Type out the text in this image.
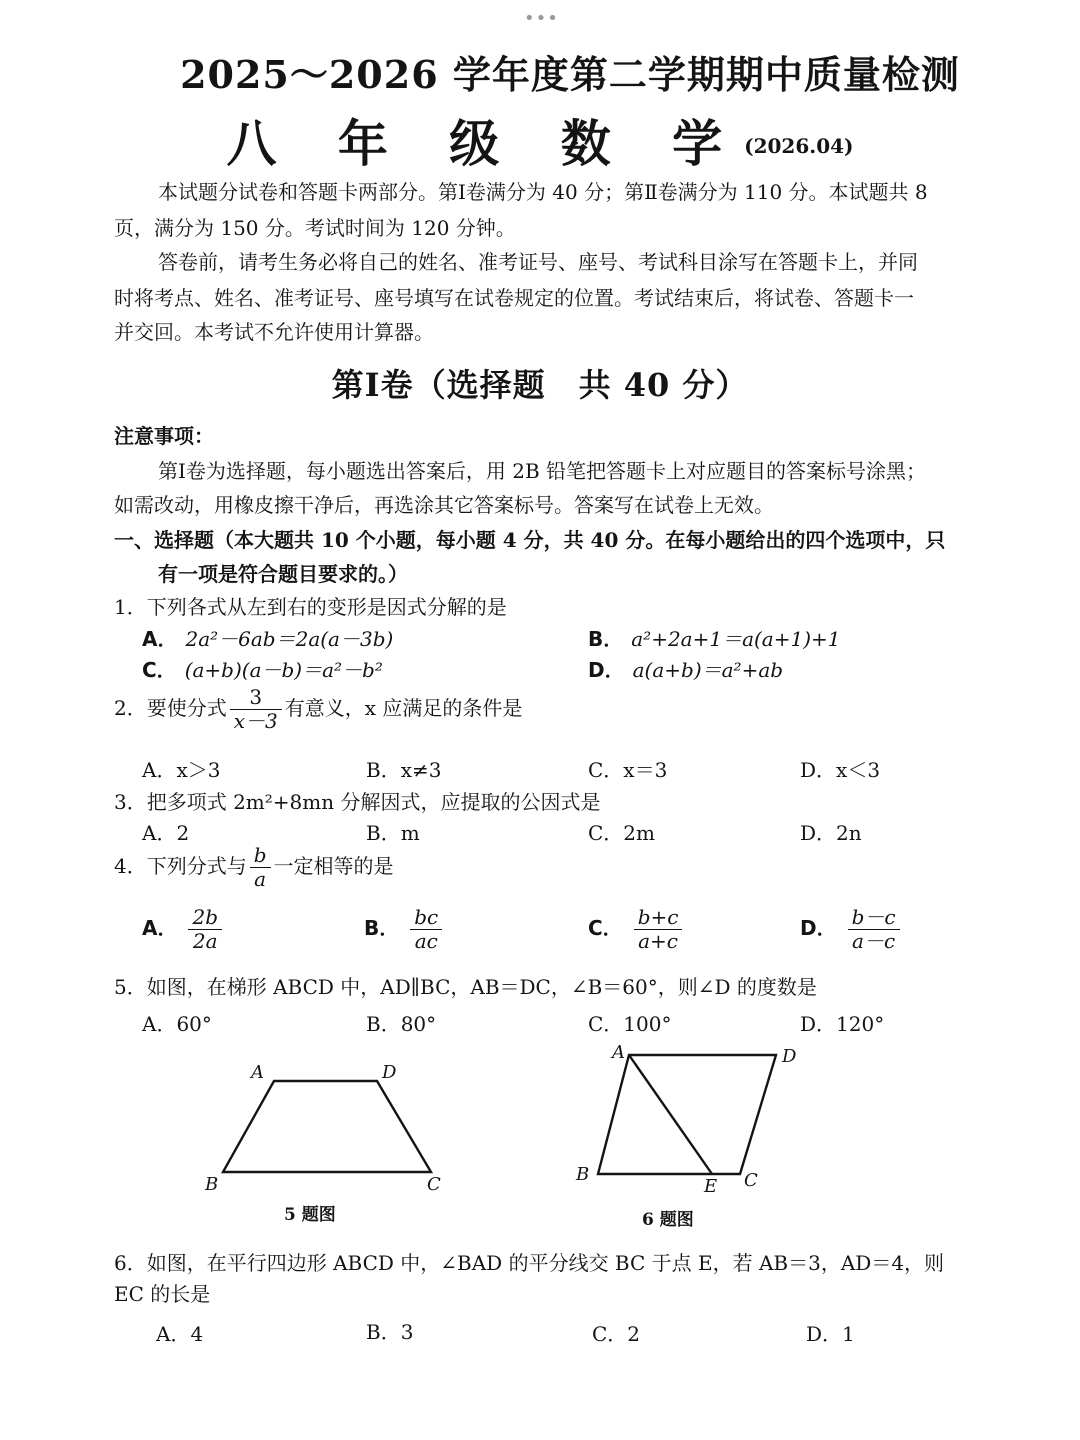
•••
2025～2026 学年度第二学期期中质量检测
八 年 级 数 学(2026.04)
本试题分试卷和答题卡两部分。第Ⅰ卷满分为 40 分；第Ⅱ卷满分为 110 分。本试题共 8
页，满分为 150 分。考试时间为 120 分钟。
答卷前，请考生务必将自己的姓名、准考证号、座号、考试科目涂写在答题卡上，并同
时将考点、姓名、准考证号、座号填写在试卷规定的位置。考试结束后，将试卷、答题卡一
并交回。本考试不允许使用计算器。
第Ⅰ卷（选择题　共 40 分）
注意事项：
第Ⅰ卷为选择题，每小题选出答案后，用 2B 铅笔把答题卡上对应题目的答案标号涂黑；
如需改动，用橡皮擦干净后，再选涂其它答案标号。答案写在试卷上无效。
一、选择题（本大题共 10 个小题，每小题 4 分，共 40 分。在每小题给出的四个选项中，只
有一项是符合题目要求的。）
1．下列各式从左到右的变形是因式分解的是
A． 2a²－6ab＝2a(a－3b)	B． a²+2a+1＝a(a+1)+1
C． (a+b)(a－b)＝a²－b²	D． a(a+b)＝a²+ab
2．要使分式 $\frac{3}{x-3}$ 有意义，x 应满足的条件是
A．x＞3	B．x≠3	C．x＝3	D．x＜3
3．把多项式 2m²+8mn 分解因式，应提取的公因式是
A．2	B．m	C．2m	D．2n
4．下列分式与 $\frac{b}{a}$ 一定相等的是
A． $\frac{2b}{2a}$	B． $\frac{bc}{ac}$	C． $\frac{b+c}{a+c}$	D． $\frac{b-c}{a-c}$
5．如图，在梯形 ABCD 中，AD∥BC，AB＝DC，∠B＝60°，则∠D 的度数是
A．60°	B．80°	C．100°	D．120°
A	D
B	C
5 题图
A	D
B
E C
6 题图
6．如图，在平行四边形 ABCD 中，∠BAD 的平分线交 BC 于点 E，若 AB＝3，AD＝4，则
EC 的长是
A．4	B．3	C．2	D．1
